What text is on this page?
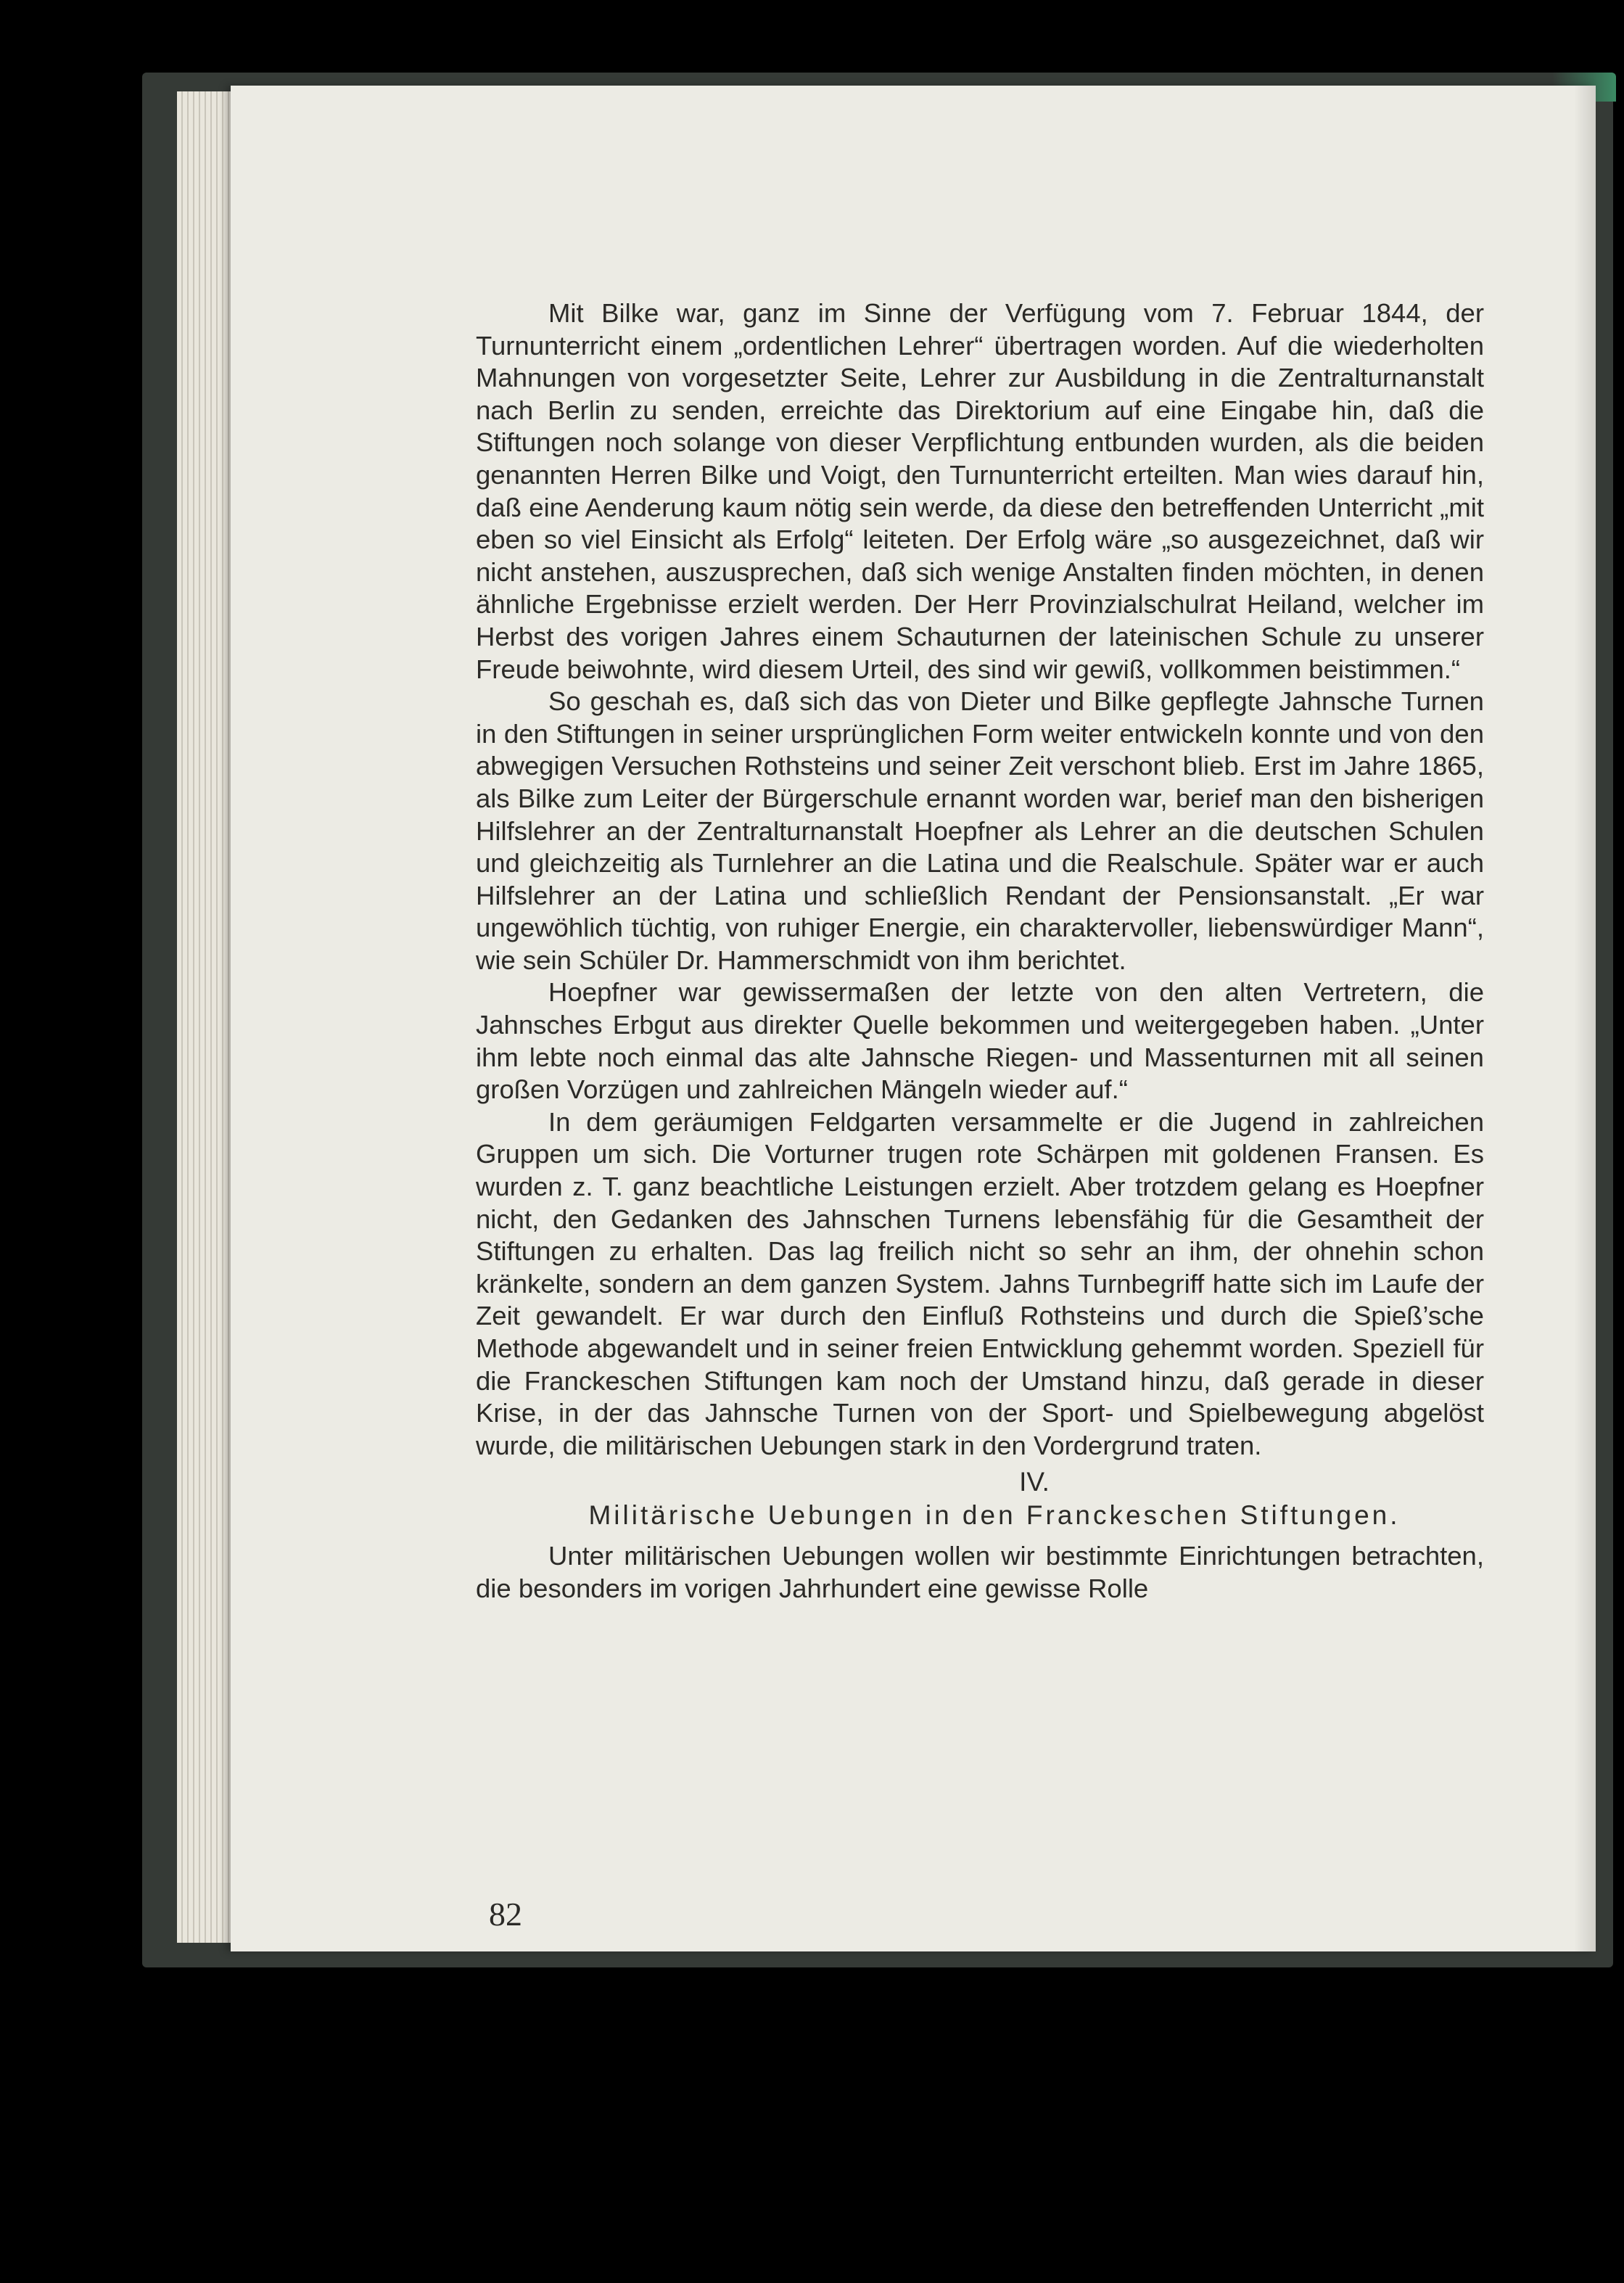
Mit Bilke war, ganz im Sinne der Verfügung vom 7. Februar 1844, der Turnunterricht einem „ordentlichen Lehrer“ übertragen worden. Auf die wiederholten Mahnungen von vorgesetzter Seite, Lehrer zur Ausbildung in die Zentralturnanstalt nach Berlin zu senden, erreichte das Direktorium auf eine Eingabe hin, daß die Stiftungen noch solange von dieser Verpflichtung entbunden wurden, als die beiden genannten Herren Bilke und Voigt, den Turnunterricht erteilten. Man wies darauf hin, daß eine Aenderung kaum nötig sein werde, da diese den betreffenden Unterricht „mit eben so viel Einsicht als Erfolg“ leiteten. Der Erfolg wäre „so ausgezeichnet, daß wir nicht anstehen, auszusprechen, daß sich wenige Anstalten finden möchten, in denen ähnliche Ergebnisse erzielt werden. Der Herr Provinzialschulrat Heiland, welcher im Herbst des vorigen Jahres einem Schauturnen der lateinischen Schule zu unserer Freude beiwohnte, wird diesem Urteil, des sind wir gewiß, vollkommen beistimmen.“

So geschah es, daß sich das von Dieter und Bilke gepflegte Jahnsche Turnen in den Stiftungen in seiner ursprünglichen Form weiter entwickeln konnte und von den abwegigen Versuchen Rothsteins und seiner Zeit verschont blieb. Erst im Jahre 1865, als Bilke zum Leiter der Bürgerschule ernannt worden war, berief man den bisherigen Hilfslehrer an der Zentralturnanstalt Hoepfner als Lehrer an die deutschen Schulen und gleichzeitig als Turnlehrer an die Latina und die Realschule. Später war er auch Hilfslehrer an der Latina und schließlich Rendant der Pensionsanstalt. „Er war ungewöhlich tüchtig, von ruhiger Energie, ein charaktervoller, liebenswürdiger Mann“, wie sein Schüler Dr. Hammerschmidt von ihm berichtet.

Hoepfner war gewissermaßen der letzte von den alten Vertretern, die Jahnsches Erbgut aus direkter Quelle bekommen und weitergegeben haben. „Unter ihm lebte noch einmal das alte Jahnsche Riegen- und Massenturnen mit all seinen großen Vorzügen und zahlreichen Mängeln wieder auf.“

In dem geräumigen Feldgarten versammelte er die Jugend in zahlreichen Gruppen um sich. Die Vorturner trugen rote Schärpen mit goldenen Fransen. Es wurden z. T. ganz beachtliche Leistungen erzielt. Aber trotzdem gelang es Hoepfner nicht, den Gedanken des Jahnschen Turnens lebensfähig für die Gesamtheit der Stiftungen zu erhalten. Das lag freilich nicht so sehr an ihm, der ohnehin schon kränkelte, sondern an dem ganzen System. Jahns Turnbegriff hatte sich im Laufe der Zeit gewandelt. Er war durch den Einfluß Rothsteins und durch die Spieß’sche Methode abgewandelt und in seiner freien Entwicklung gehemmt worden. Speziell für die Franckeschen Stiftungen kam noch der Umstand hinzu, daß gerade in dieser Krise, in der das Jahnsche Turnen von der Sport- und Spielbewegung abgelöst wurde, die militärischen Uebungen stark in den Vordergrund traten.

IV.
Militärische Uebungen in den Franckeschen Stiftungen.

Unter militärischen Uebungen wollen wir bestimmte Einrichtungen betrachten, die besonders im vorigen Jahrhundert eine gewisse Rolle

82
